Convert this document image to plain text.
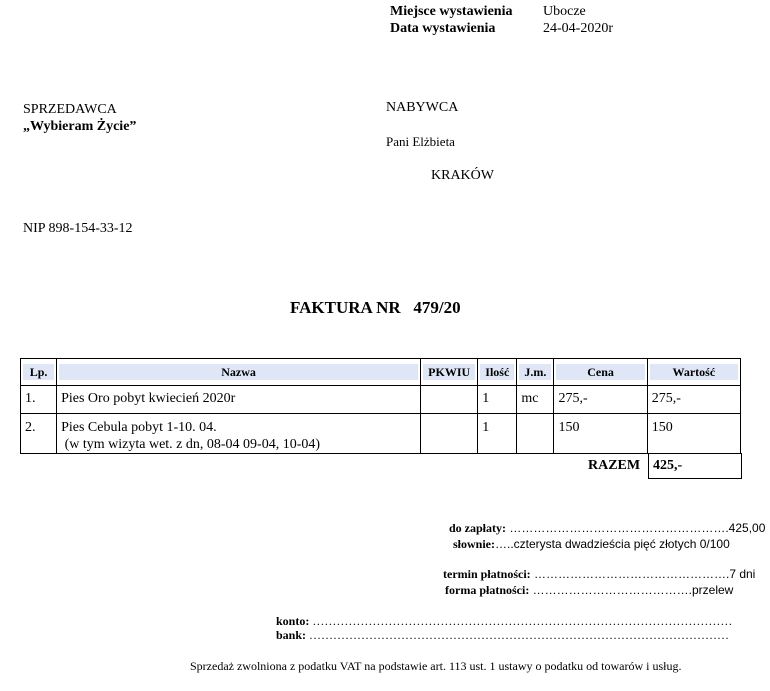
Miejsce wystawienia Ubocze
Data wystawienia	24-04-2020r
SPRZEDAWCA
„Wybieram Życie”
NIP 898-154-33-12
NABYWCA
Pani Elżbieta
KRAKÓW
FAKTURA NR 479/20
Lp.	Nazwa	PKWIU	Ilość	J.m.	Cena	Wartość

1.	Pies Oro pobyt kwiecień 2020r		1	mc	275,-	275,-
2.	Pies Cebula pobyt 1-10. 04.
(w tym wizyta wet. z dn, 08-04 09-04, 10-04)		1		150	150
RAZEM 425,-
do zapłaty: ……………………………………………….425,00
słownie:…..czterysta dwadzieścia pięć złotych 0/100
termin płatności: ………………………………………….7 dni
forma płatności: ………………………………….przelew
konto: ……………………………………………………………………………………………
bank: ……………………………………………………………………………………………
Sprzedaż zwolniona z podatku VAT na podstawie art. 113 ust. 1 ustawy o podatku od towarów i usług.
